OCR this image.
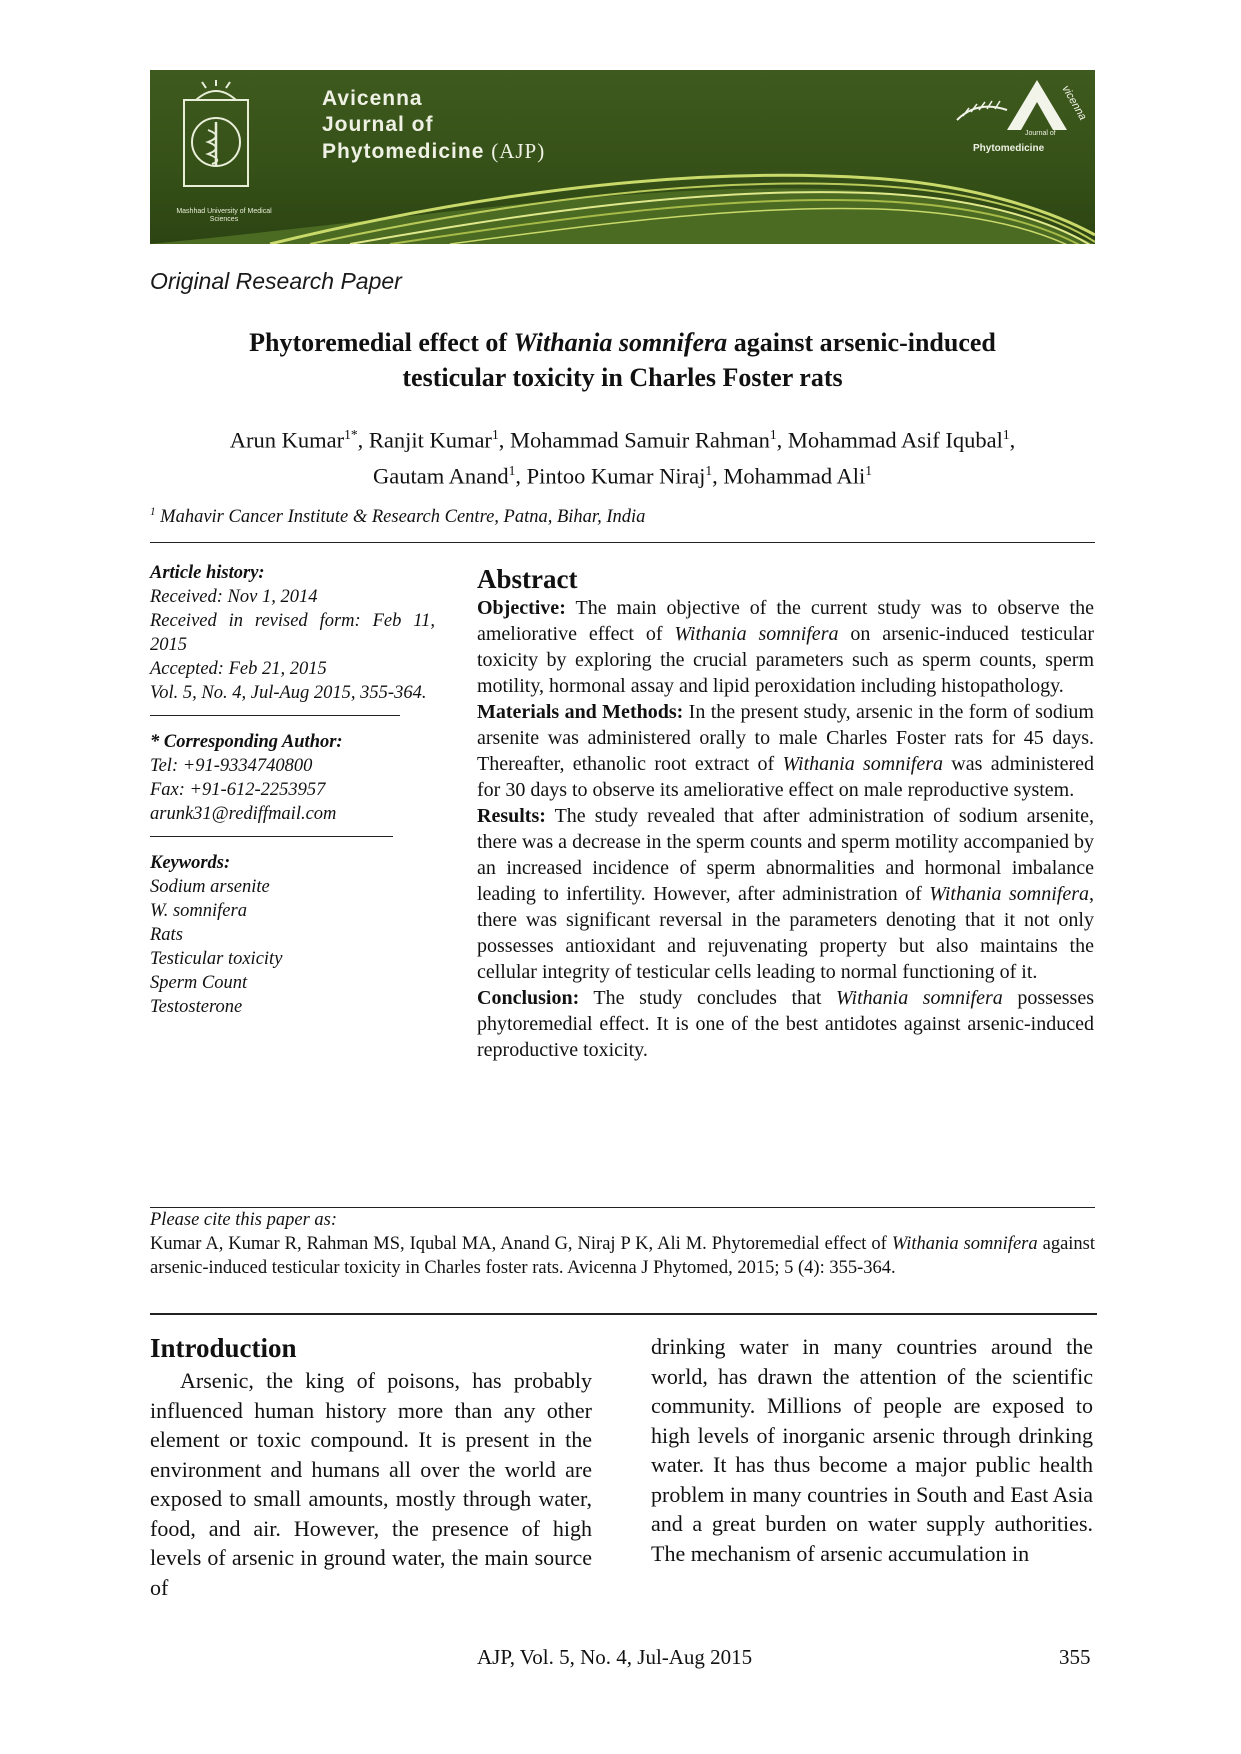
Mashhad University of Medical Sciences
Avicenna
Journal of
Phytomedicine (AJP)
vicenna
Journal of
Phytomedicine
Original Research Paper
Phytoremedial effect of Withania somnifera against arsenic-induced
testicular toxicity in Charles Foster rats
Arun Kumar$^{1*}$, Ranjit Kumar$^1$, Mohammad Samuir Rahman$^1$, Mohammad Asif Iqubal$^1$,
Gautam Anand$^1$, Pintoo Kumar Niraj$^1$, Mohammad Ali$^1$
$^1$ Mahavir Cancer Institute & Research Centre, Patna, Bihar, India
Article history:
Received: Nov 1, 2014
Received in revised form: Feb 11, 2015
Accepted: Feb 21, 2015
Vol. 5, No. 4, Jul-Aug 2015, 355-364.
* Corresponding Author:
Tel: +91-9334740800
Fax: +91-612-2253957
arunk31@rediffmail.com
Keywords:
Sodium arsenite
W. somnifera
Rats
Testicular toxicity
Sperm Count
Testosterone
Abstract

Objective: The main objective of the current study was to observe the ameliorative effect of Withania somnifera on arsenic-induced testicular toxicity by exploring the crucial parameters such as sperm counts, sperm motility, hormonal assay and lipid peroxidation including histopathology.

Materials and Methods: In the present study, arsenic in the form of sodium arsenite was administered orally to male Charles Foster rats for 45 days. Thereafter, ethanolic root extract of Withania somnifera was administered for 30 days to observe its ameliorative effect on male reproductive system.

Results: The study revealed that after administration of sodium arsenite, there was a decrease in the sperm counts and sperm motility accompanied by an increased incidence of sperm abnormalities and hormonal imbalance leading to infertility. However, after administration of Withania somnifera, there was significant reversal in the parameters denoting that it not only possesses antioxidant and rejuvenating property but also maintains the cellular integrity of testicular cells leading to normal functioning of it.

Conclusion: The study concludes that Withania somnifera possesses phytoremedial effect. It is one of the best antidotes against arsenic-induced reproductive toxicity.

Please cite this paper as:
Kumar A, Kumar R, Rahman MS, Iqubal MA, Anand G, Niraj P K, Ali M. Phytoremedial effect of Withania somnifera against arsenic-induced testicular toxicity in Charles foster rats. Avicenna J Phytomed, 2015; 5 (4): 355-364.
Introduction

Arsenic, the king of poisons, has probably influenced human history more than any other element or toxic compound. It is present in the environment and humans all over the world are exposed to small amounts, mostly through water, food, and air. However, the presence of high levels of arsenic in ground water, the main source of

drinking water in many countries around the world, has drawn the attention of the scientific community. Millions of people are exposed to high levels of inorganic arsenic through drinking water. It has thus become a major public health problem in many countries in South and East Asia and a great burden on water supply authorities. The mechanism of arsenic accumulation in

AJP, Vol. 5, No. 4, Jul-Aug 2015	355
